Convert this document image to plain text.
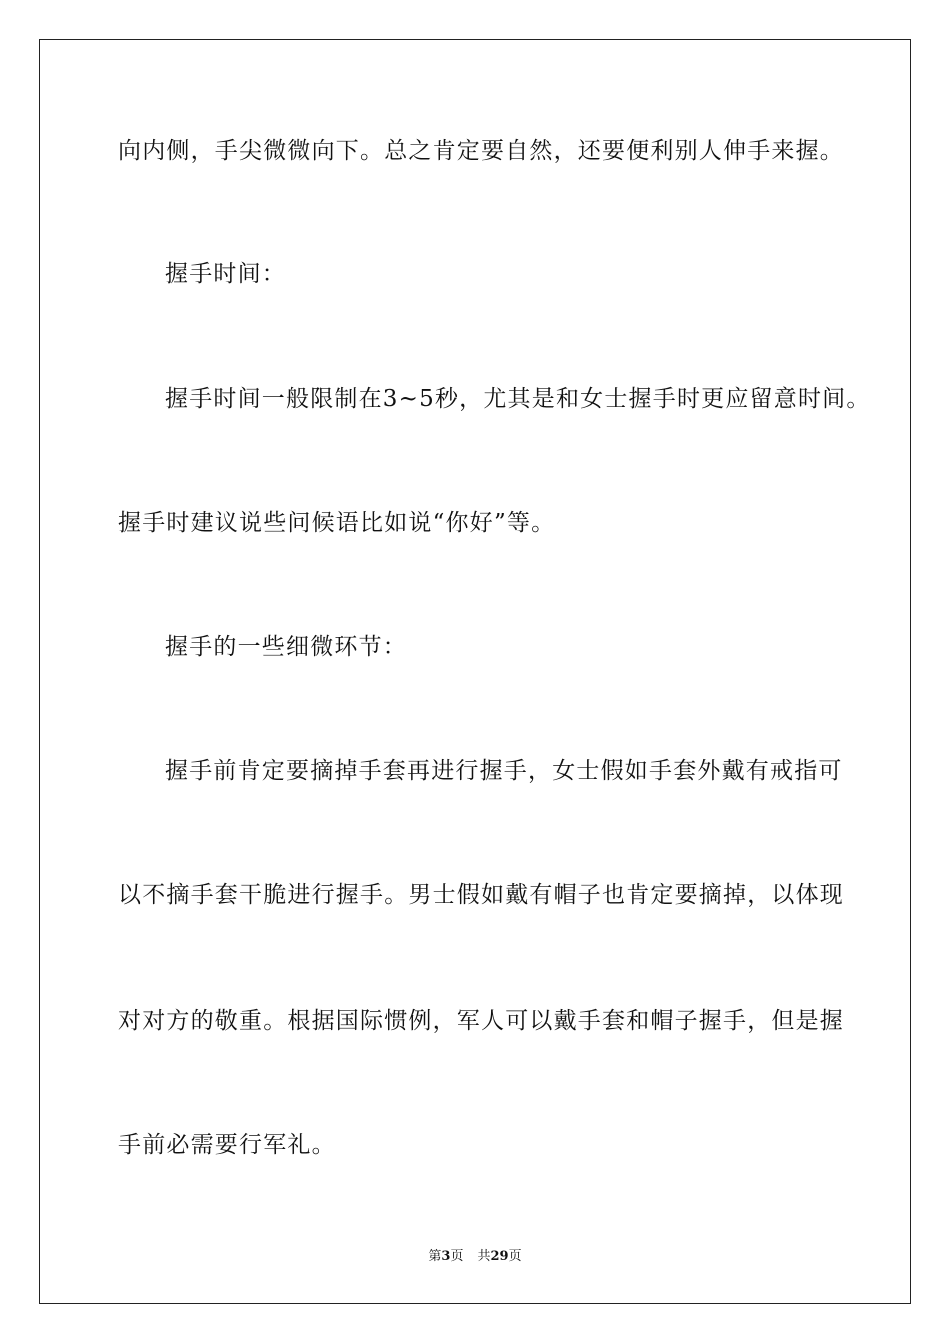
向内侧，手尖微微向下。总之肯定要自然，还要便利别人伸手来握。
握手时间：
握手时间一般限制在3~5秒，尤其是和女士握手时更应留意时间。
握手时建议说些问候语比如说“你好”等。
握手的一些细微环节：
握手前肯定要摘掉手套再进行握手，女士假如手套外戴有戒指可
以不摘手套干脆进行握手。男士假如戴有帽子也肯定要摘掉，以体现
对对方的敬重。根据国际惯例，军人可以戴手套和帽子握手，但是握
手前必需要行军礼。
第3页 共29页
